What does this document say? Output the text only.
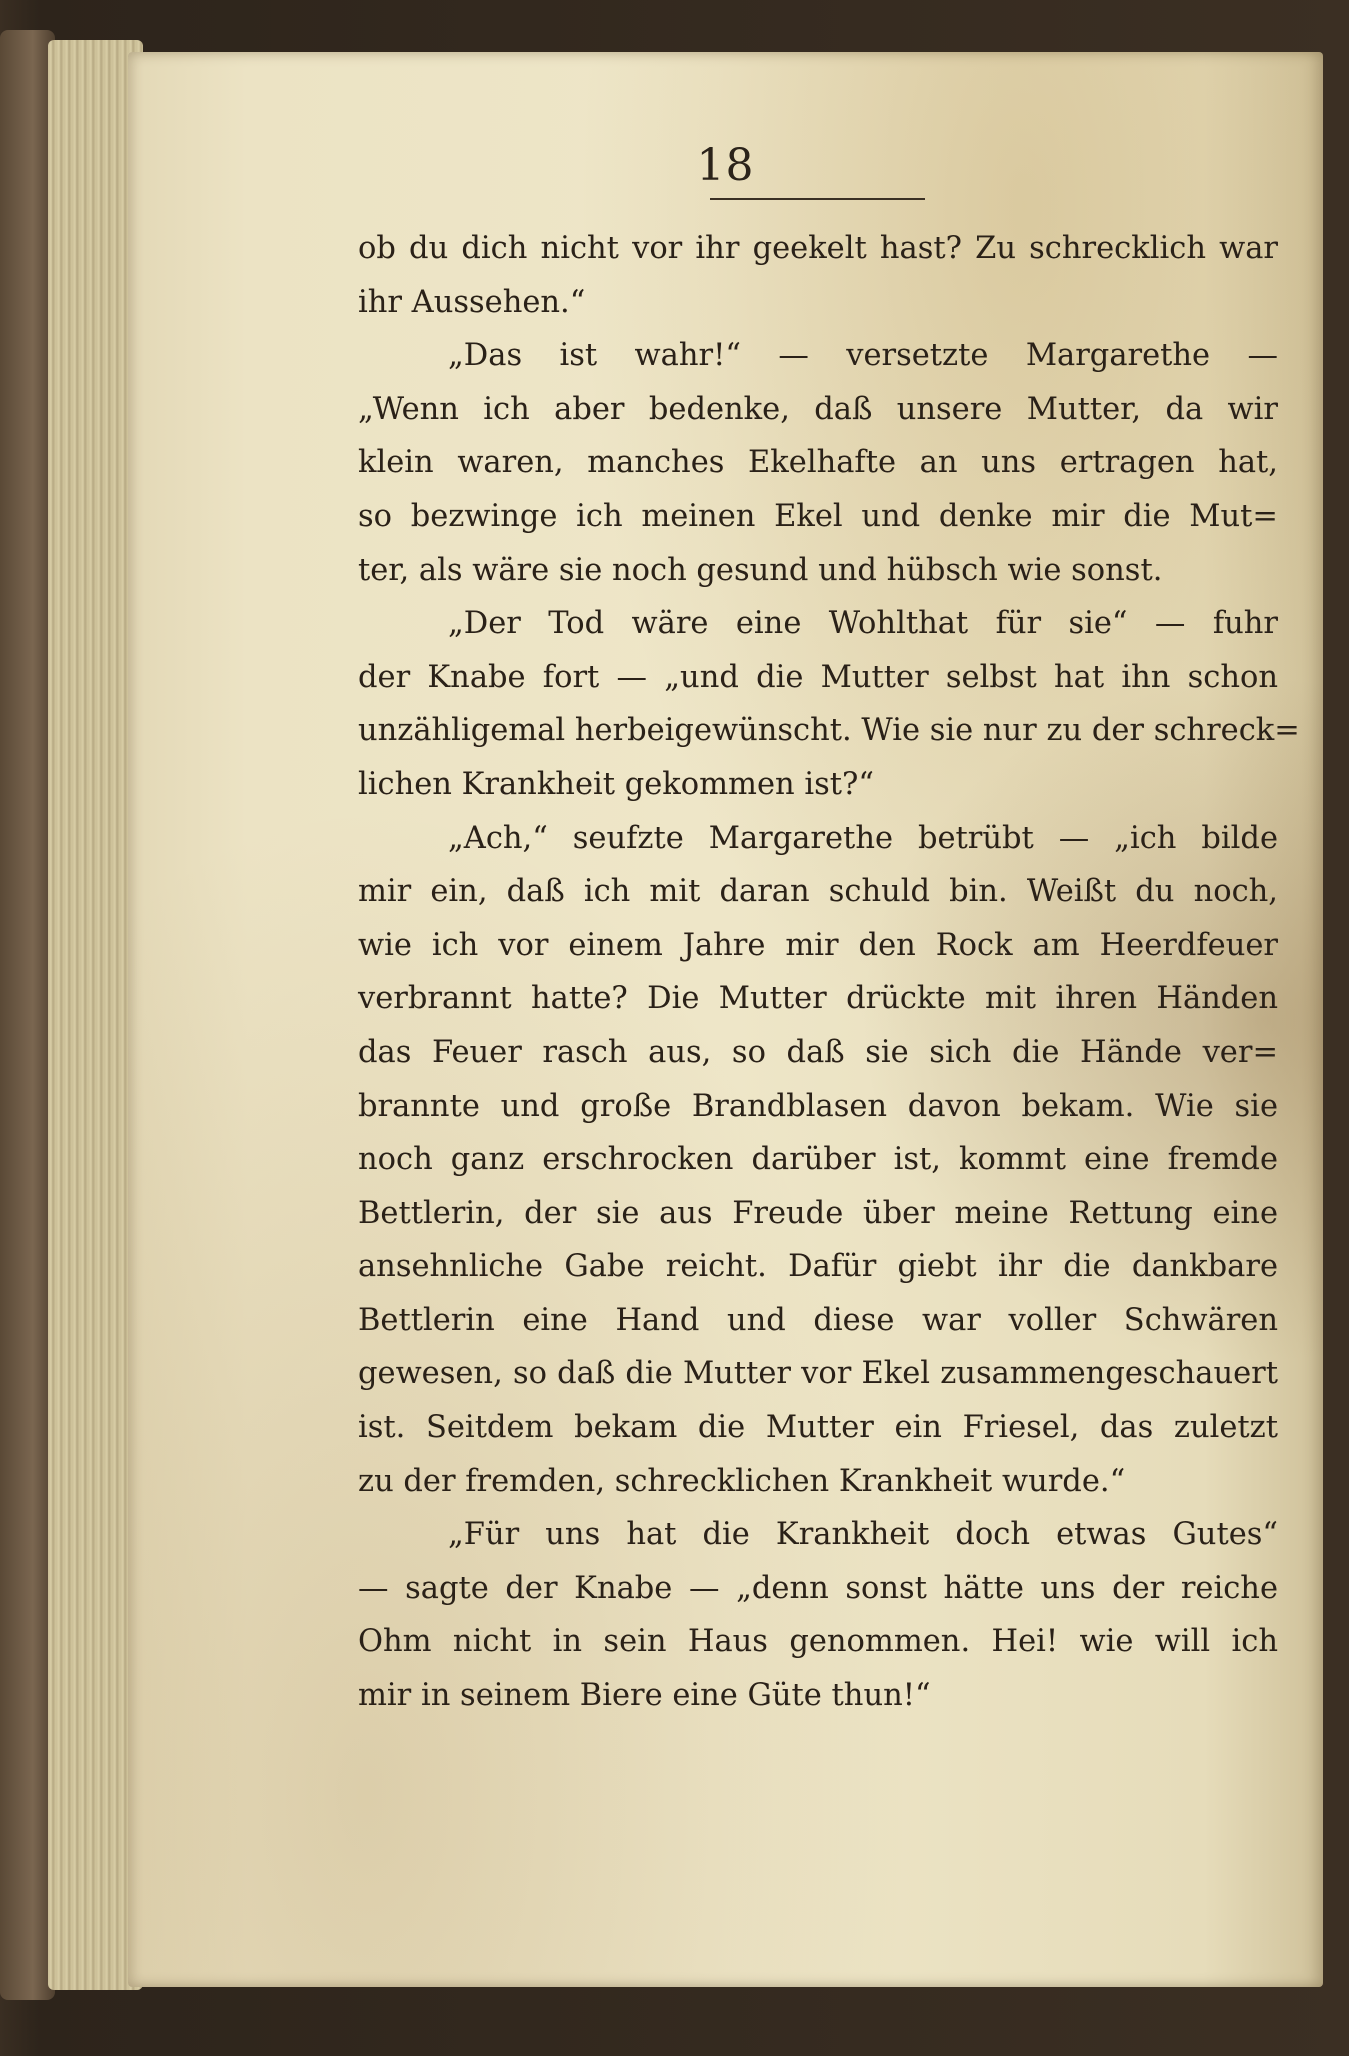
18
ob du dich nicht vor ihr geekelt hast? Zu schrecklich war
ihr Aussehen.“
„Das ist wahr!“ — versetzte Margarethe —
„Wenn ich aber bedenke, daß unsere Mutter, da wir
klein waren, manches Ekelhafte an uns ertragen hat,
so bezwinge ich meinen Ekel und denke mir die Mut=
ter, als wäre sie noch gesund und hübsch wie sonst.
„Der Tod wäre eine Wohlthat für sie“ — fuhr
der Knabe fort — „und die Mutter selbst hat ihn schon
unzähligemal herbeigewünscht. Wie sie nur zu der schreck=
lichen Krankheit gekommen ist?“
„Ach,“ seufzte Margarethe betrübt — „ich bilde
mir ein, daß ich mit daran schuld bin. Weißt du noch,
wie ich vor einem Jahre mir den Rock am Heerdfeuer
verbrannt hatte? Die Mutter drückte mit ihren Händen
das Feuer rasch aus, so daß sie sich die Hände ver=
brannte und große Brandblasen davon bekam. Wie sie
noch ganz erschrocken darüber ist, kommt eine fremde
Bettlerin, der sie aus Freude über meine Rettung eine
ansehnliche Gabe reicht. Dafür giebt ihr die dankbare
Bettlerin eine Hand und diese war voller Schwären
gewesen, so daß die Mutter vor Ekel zusammengeschauert
ist. Seitdem bekam die Mutter ein Friesel, das zuletzt
zu der fremden, schrecklichen Krankheit wurde.“
„Für uns hat die Krankheit doch etwas Gutes“
— sagte der Knabe — „denn sonst hätte uns der reiche
Ohm nicht in sein Haus genommen. Hei! wie will ich
mir in seinem Biere eine Güte thun!“
